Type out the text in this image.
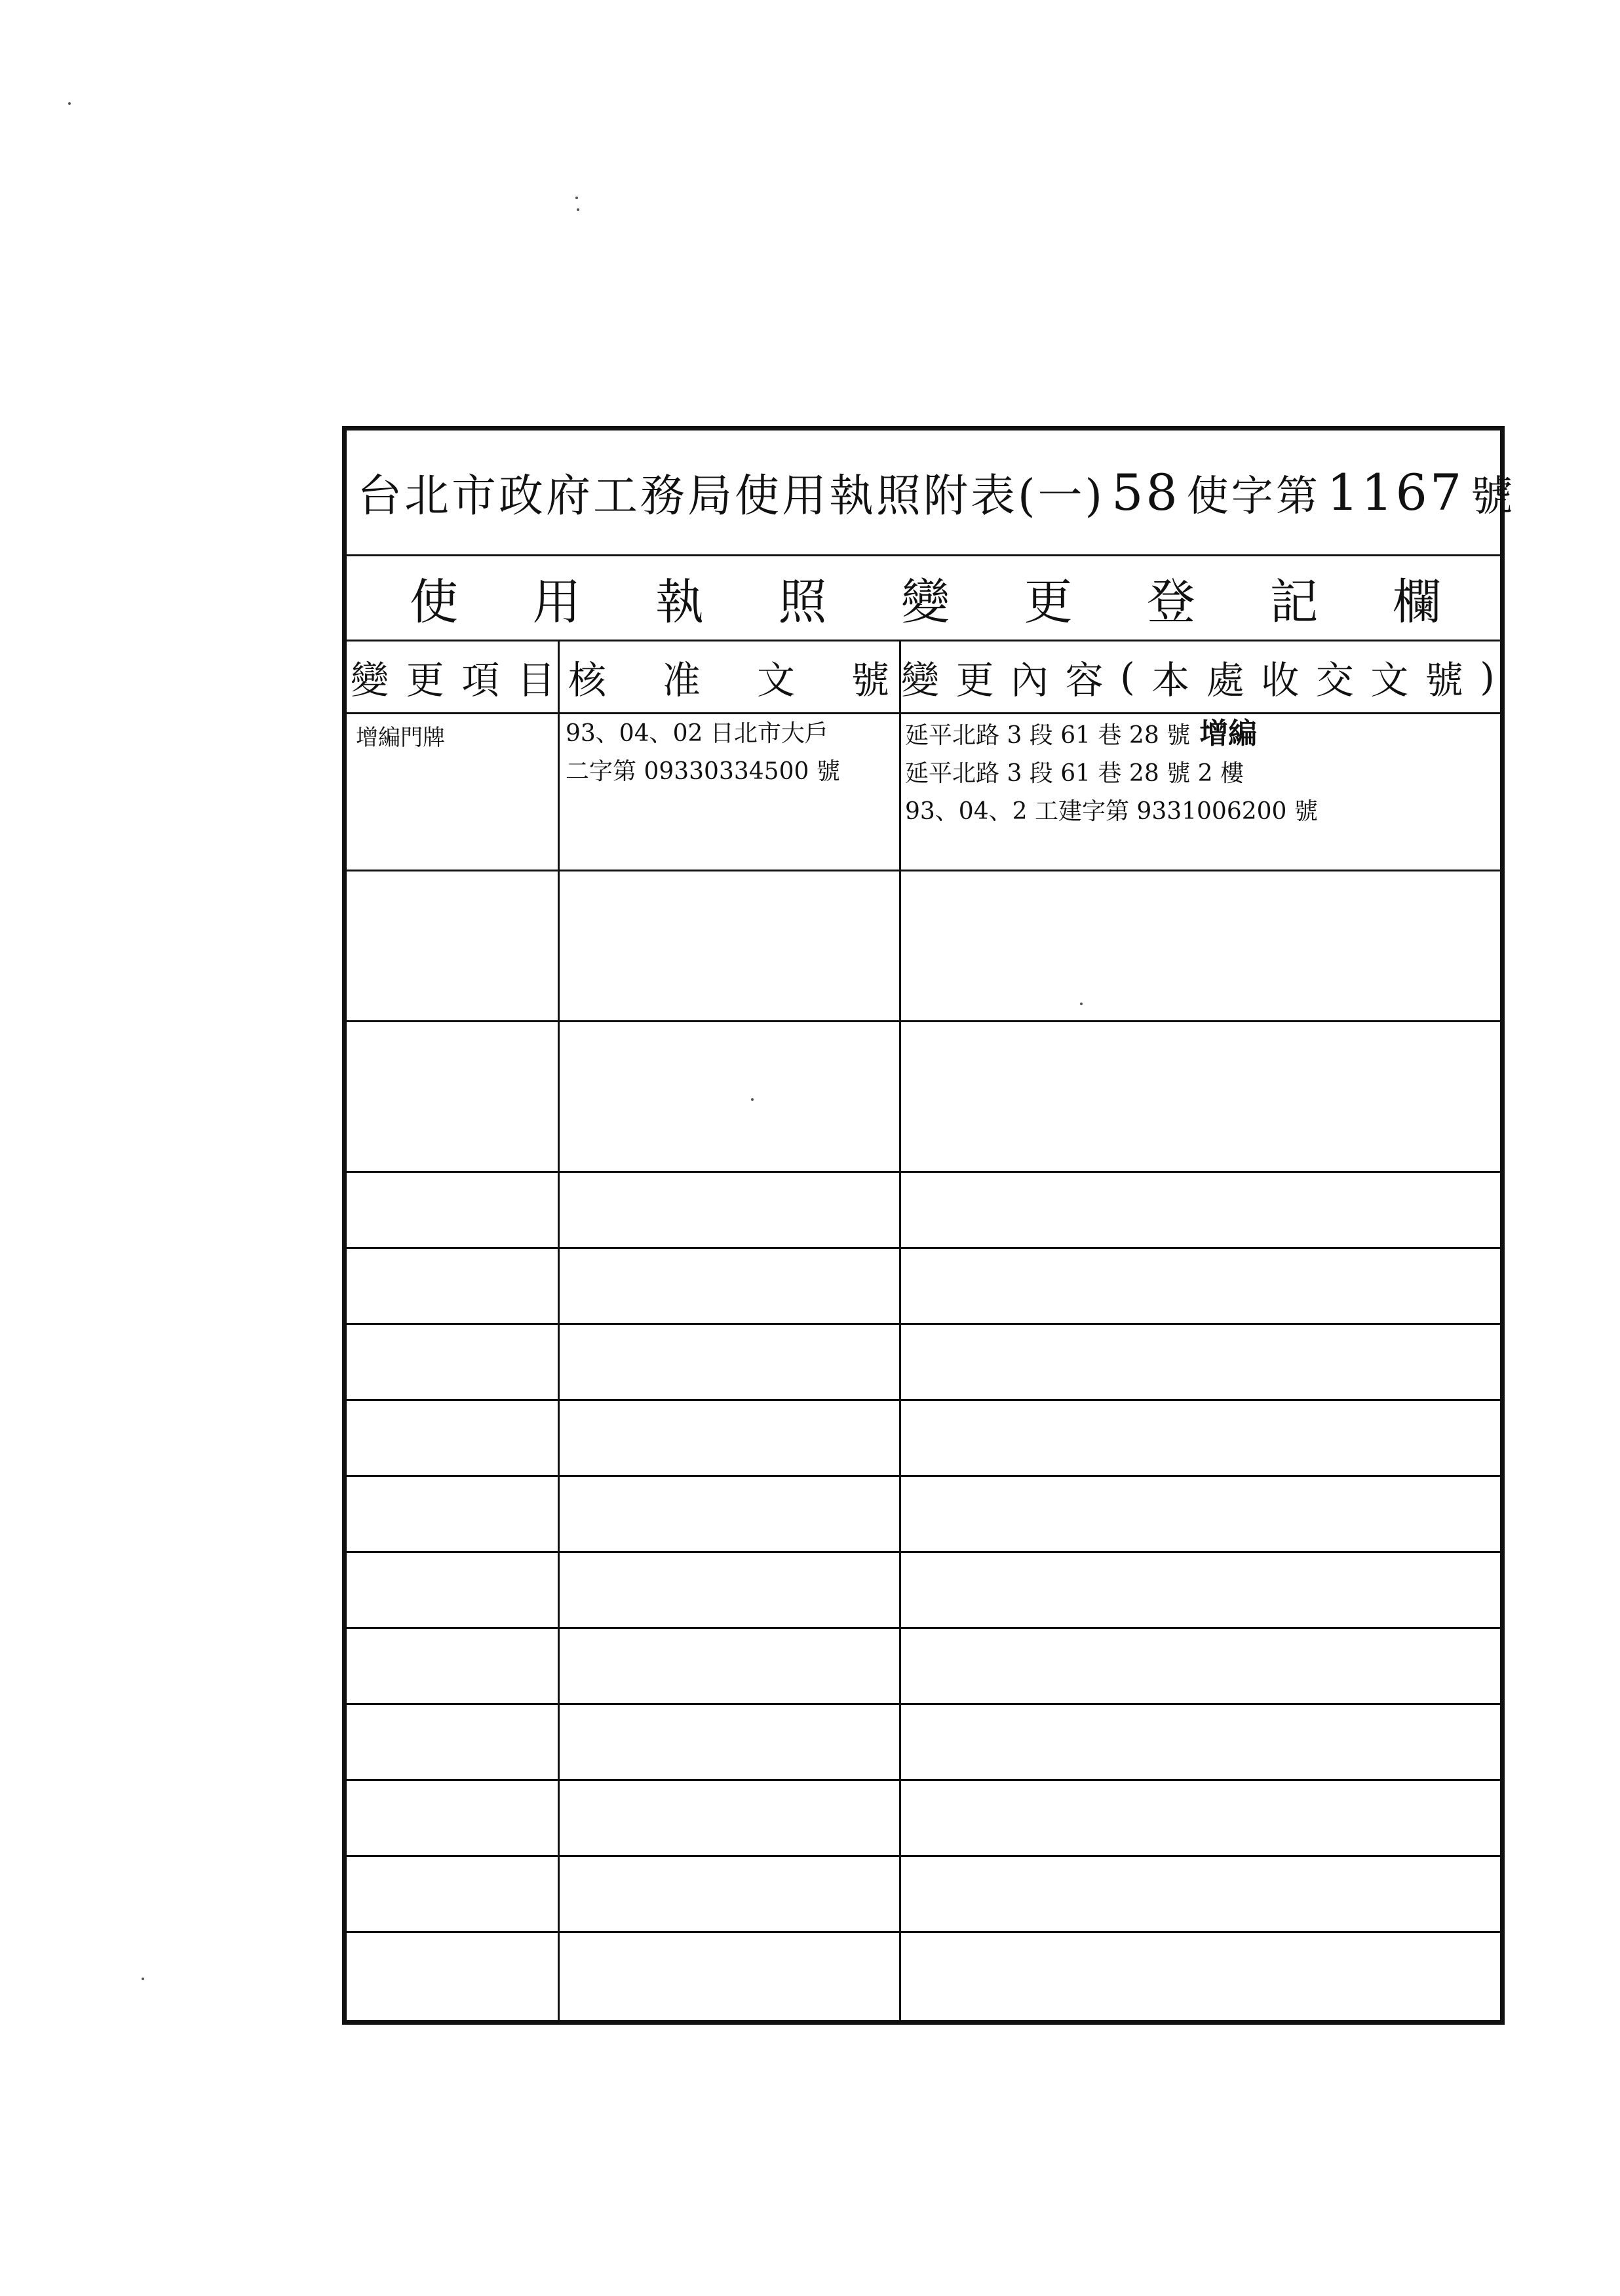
台北市政府工務局使用執照附表(一) 58 使字第 1167 號
使 用 執 照 變 更 登 記 欄
變 更 項 目 核 准 文 號 變 更 內 容 ( 本 處 收 交 文 號 )
增編門牌	93、04、02 日北市大戶
二字第 09330334500 號
延平北路 3 段 61 巷 28 號 增編
延平北路 3 段 61 巷 28 號 2 樓
93、04、2 工建字第 9331006200 號
